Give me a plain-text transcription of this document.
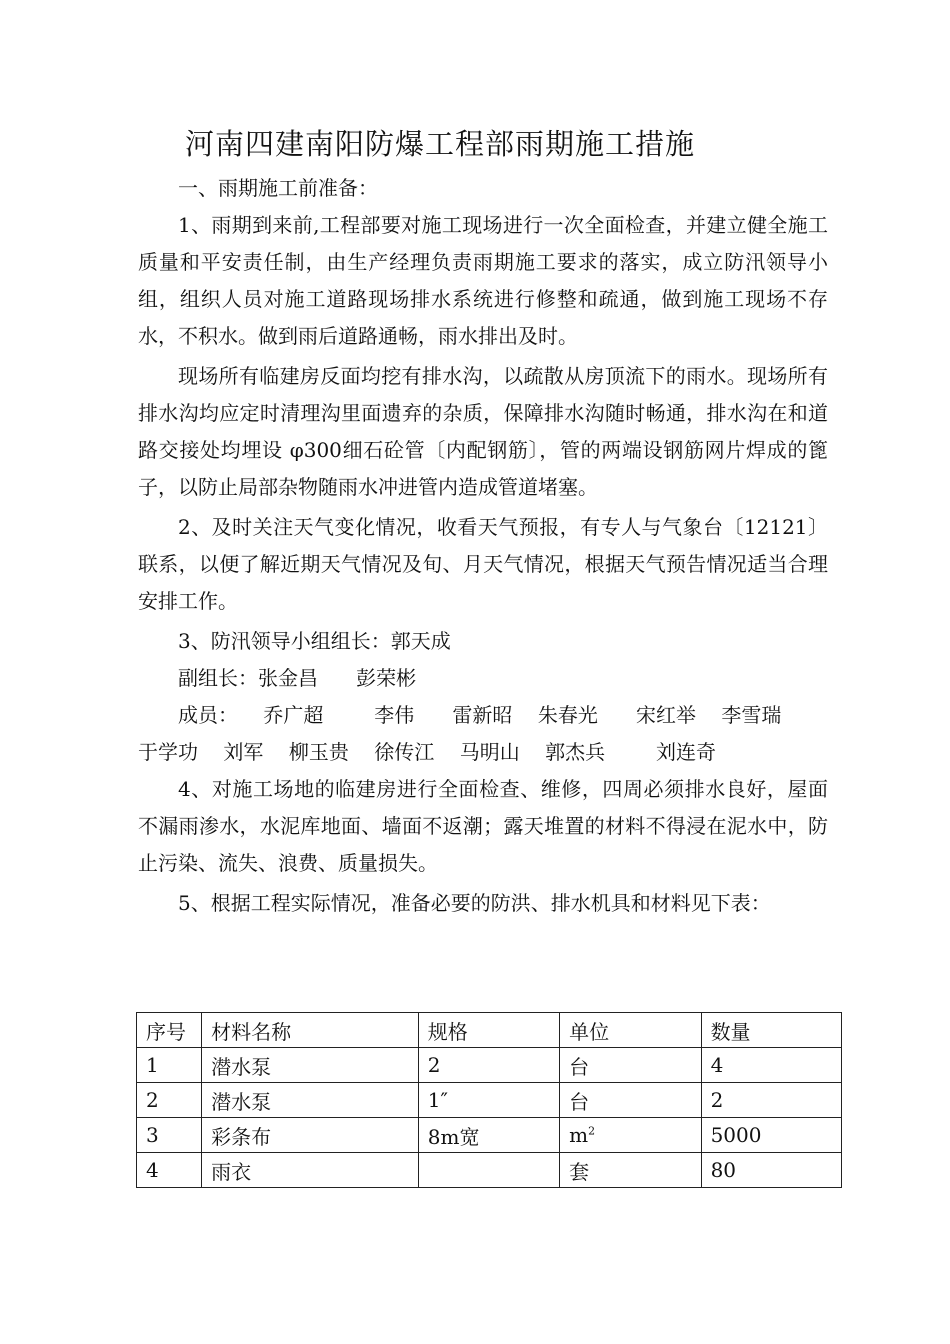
河南四建南阳防爆工程部雨期施工措施

一、雨期施工前准备：

1、雨期到来前,工程部要对施工现场进行一次全面检查，并建立健全施工质量和平安责任制，由生产经理负责雨期施工要求的落实，成立防汛领导小组，组织人员对施工道路现场排水系统进行修整和疏通，做到施工现场不存水，不积水。做到雨后道路通畅，雨水排出及时。

现场所有临建房反面均挖有排水沟，以疏散从房顶流下的雨水。现场所有排水沟均应定时清理沟里面遗弃的杂质，保障排水沟随时畅通，排水沟在和道路交接处均埋设 φ300细石砼管〔内配钢筋〕，管的两端设钢筋网片焊成的篦子，以防止局部杂物随雨水冲进管内造成管道堵塞。

2、及时关注天气变化情况，收看天气预报，有专人与气象台〔12121〕联系，以便了解近期天气情况及旬、月天气情况，根据天气预告情况适当合理安排工作。

3、防汛领导小组组长：郭天成

副组长：张金昌      彭荣彬

成员：    乔广超        李伟      雷新昭    朱春光      宋红举    李雪瑞

于学功    刘军    柳玉贵    徐传江    马明山    郭杰兵        刘连奇

4、对施工场地的临建房进行全面检查、维修，四周必须排水良好，屋面不漏雨渗水，水泥库地面、墙面不返潮；露天堆置的材料不得浸在泥水中，防止污染、流失、浪费、质量损失。

5、根据工程实际情况，准备必要的防洪、排水机具和材料见下表：

序号	材料名称	规格	单位	数量
1	潜水泵	2	台	4
2	潜水泵	1″	台	2
3	彩条布	8m宽	$m^2$	5000
4	雨衣		套	80
